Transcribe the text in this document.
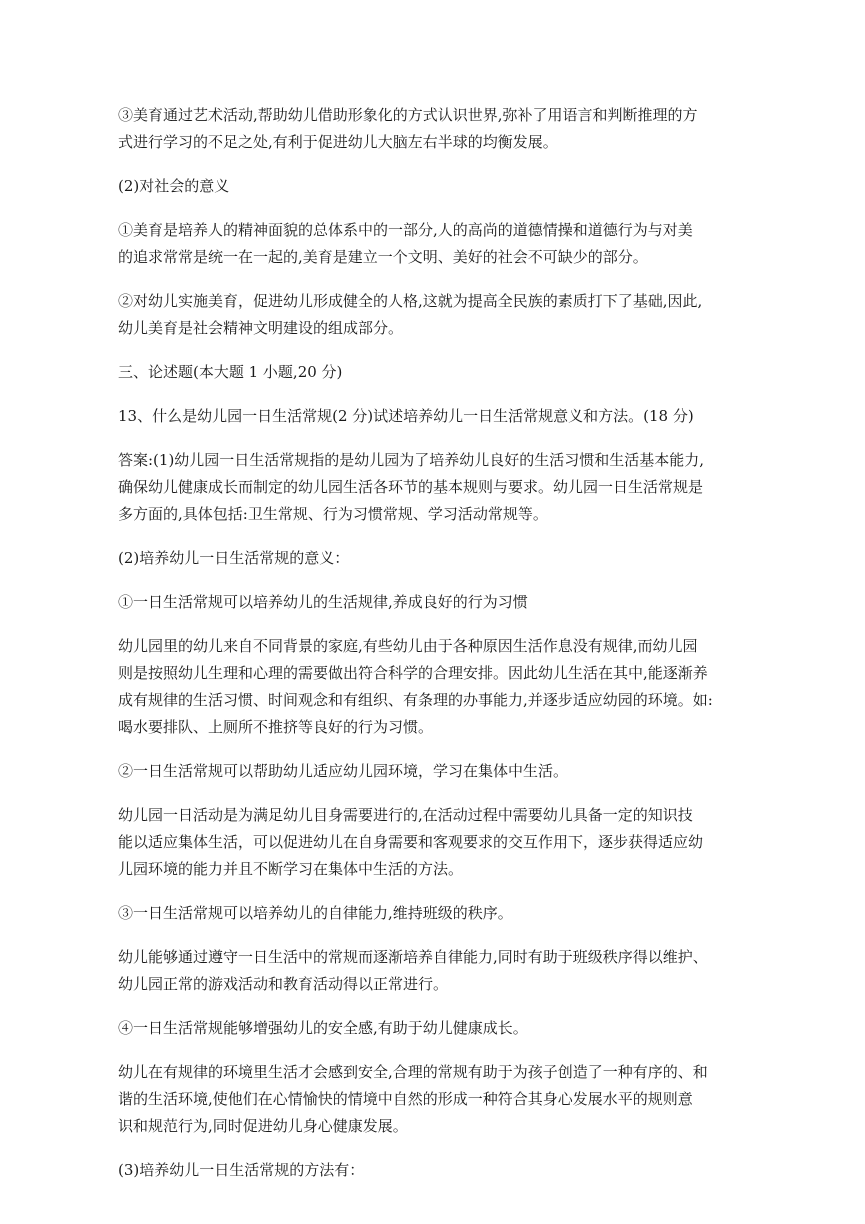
③美育通过艺术活动,帮助幼儿借助形象化的方式认识世界,弥补了用语言和判断推理的方
式进行学习的不足之处,有利于促进幼儿大脑左右半球的均衡发展。

(2)对社会的意义

①美育是培养人的精神面貌的总体系中的一部分,人的高尚的道德情操和道德行为与对美
的追求常常是统一在一起的,美育是建立一个文明、美好的社会不可缺少的部分。

②对幼儿实施美育，促进幼儿形成健全的人格,这就为提高全民族的素质打下了基础,因此,
幼儿美育是社会精神文明建设的组成部分。

三、论述题(本大题 1 小题,20 分)

13、什么是幼儿园一日生活常规(2 分)试述培养幼儿一日生活常规意义和方法。(18 分)

答案:(1)幼儿园一日生活常规指的是幼儿园为了培养幼儿良好的生活习惯和生活基本能力,
确保幼儿健康成长而制定的幼儿园生活各环节的基本规则与要求。幼儿园一日生活常规是
多方面的,具体包括:卫生常规、行为习惯常规、学习活动常规等。

(2)培养幼儿一日生活常规的意义：

①一日生活常规可以培养幼儿的生活规律,养成良好的行为习惯

幼儿园里的幼儿来自不同背景的家庭,有些幼儿由于各种原因生活作息没有规律,而幼儿园
则是按照幼儿生理和心理的需要做出符合科学的合理安排。因此幼儿生活在其中,能逐渐养
成有规律的生活习惯、时间观念和有组织、有条理的办事能力,并逐步适应幼园的环境。如:
喝水要排队、上厕所不推挤等良好的行为习惯。

②一日生活常规可以帮助幼儿适应幼儿园环境，学习在集体中生活。

幼儿园一日活动是为满足幼儿目身需要进行的,在活动过程中需要幼儿具备一定的知识技
能以适应集体生活，可以促进幼儿在自身需要和客观要求的交互作用下，逐步获得适应幼
儿园环境的能力并且不断学习在集体中生活的方法。

③一日生活常规可以培养幼儿的自律能力,维持班级的秩序。

幼儿能够通过遵守一日生活中的常规而逐渐培养自律能力,同时有助于班级秩序得以维护、
幼儿园正常的游戏活动和教育活动得以正常进行。

④一日生活常规能够增强幼儿的安全感,有助于幼儿健康成长。

幼儿在有规律的环境里生活才会感到安全,合理的常规有助于为孩子创造了一种有序的、和
谐的生活环境,使他们在心情愉快的情境中自然的形成一种符合其身心发展水平的规则意
识和规范行为,同时促进幼儿身心健康发展。

(3)培养幼儿一日生活常规的方法有：
